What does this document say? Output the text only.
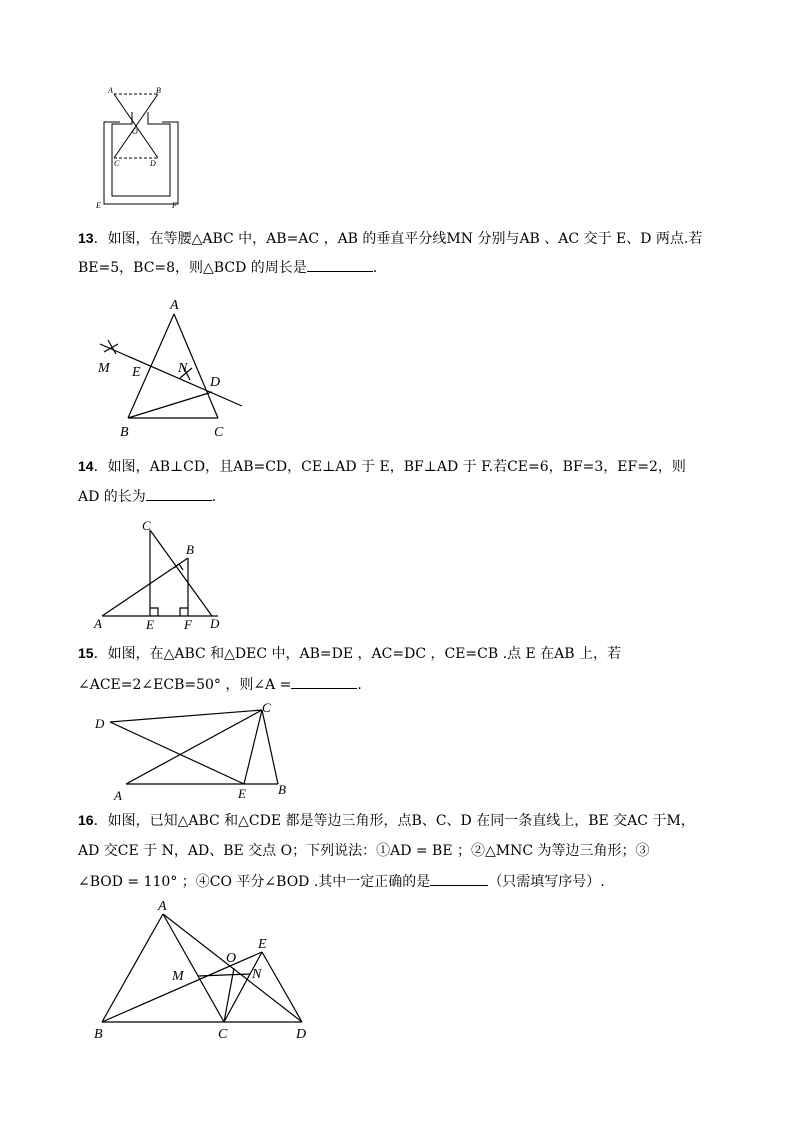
A	B
O
C	D
E	F
13．如图，在等腰△ABC 中，AB=AC ，AB 的垂直平分线MN 分别与AB 、AC 交于 E、D 两点.若
BE=5，BC=8，则△BCD 的周长是	.
A
M E	N
D
B	C
14．如图，AB⊥CD，且AB=CD，CE⊥AD 于 E，BF⊥AD 于 F.若CE=6，BF=3，EF=2，则
AD 的长为	.
C
B
A	E F D
15．如图，在△ABC 和△DEC 中，AB=DE ，AC=DC ，CE=CB .点 E 在AB 上，若
∠ACE=2∠ECB=50° ，则∠A =	.
D
C
A	E B
16．如图，已知△ABC 和△CDE 都是等边三角形，点B、C、D 在同一条直线上，BE 交AC 于M，
AD 交CE 于 N，AD、BE 交点 O；下列说法：①AD = BE ；②△MNC 为等边三角形；③
∠BOD = 110° ；④CO 平分∠BOD .其中一定正确的是	（只需填写序号）.
A
E
O
M	N
B	C	D
